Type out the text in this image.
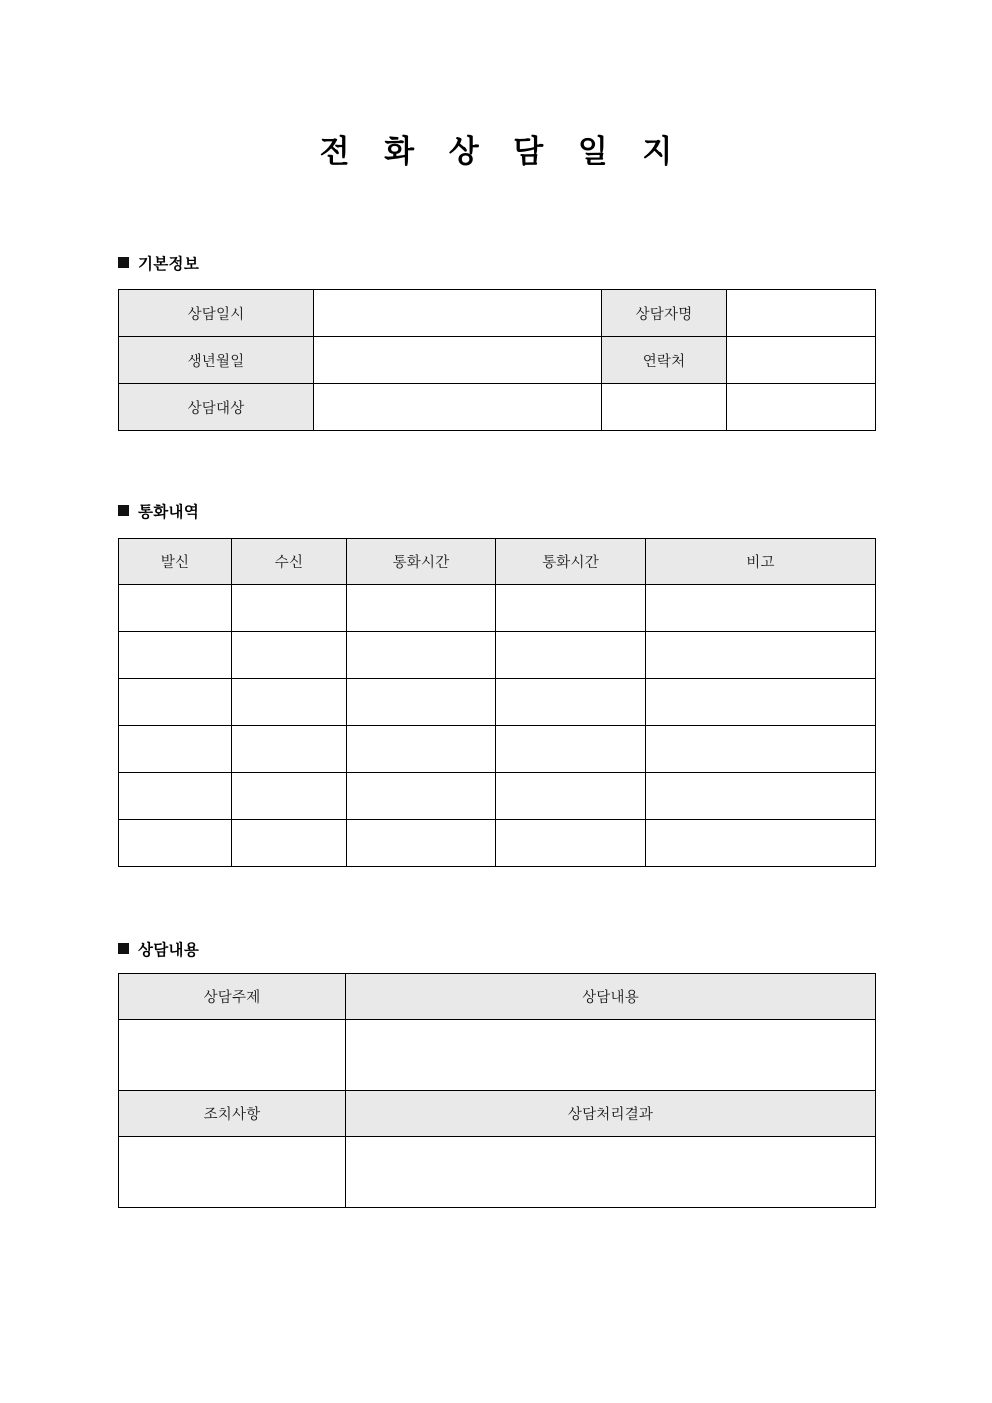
전 화 상 담 일 지
기본정보
상담일시		상담자명	
생년월일		연락처	
상담대상			
통화내역
발신	수신	통화시간	통화시간	비고

상담내용
상담주제	상담내용

조치사항	상담처리결과
